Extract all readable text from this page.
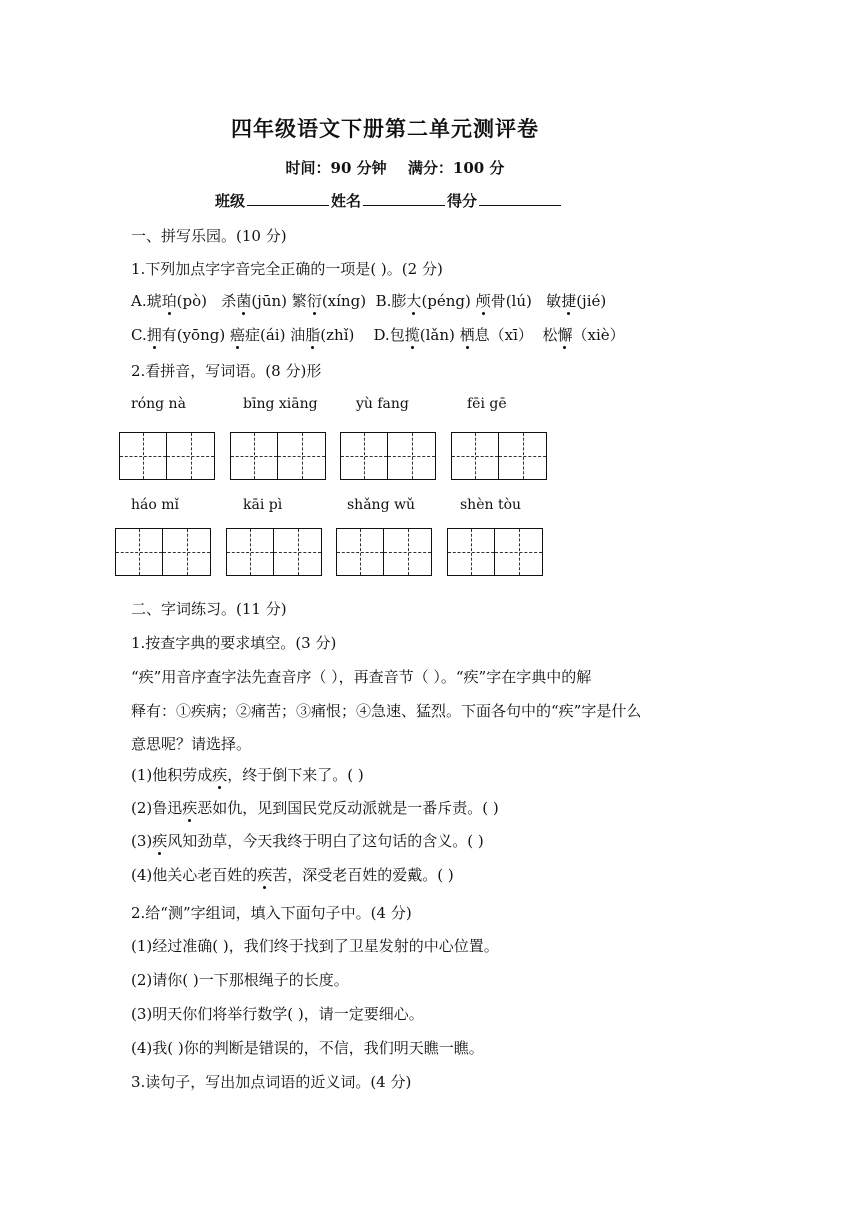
四年级语文下册第二单元测评卷
时间：90 分钟 满分：100 分
班级	姓名	得分
一、拼写乐园。(10 分)
1.下列加点字字音完全正确的一项是( )。(2 分)
A.琥珀(pò) 杀菌(jūn) 繁衍(xíng) B.膨大(péng) 颅骨(lú) 敏捷(jié)
C.拥有(yōng) 癌症(ái) 油脂(zhǐ) D.包揽(lǎn) 栖息（xī） 松懈（xiè）
2.看拼音，写词语。(8 分)形
róng nà	bīng xiāng	yù fang	fēi gē
háo mǐ	kāi pì	shǎng wǔ	shèn tòu
二、字词练习。(11 分)
1.按查字典的要求填空。(3 分)
“疾”用音序查字法先查音序（ ），再查音节（ ）。“疾”字在字典中的解
释有：①疾病；②痛苦；③痛恨；④急速、猛烈。下面各句中的“疾”字是什么
意思呢？请选择。
(1)他积劳成疾，终于倒下来了。( )
(2)鲁迅疾恶如仇，见到国民党反动派就是一番斥责。( )
(3)疾风知劲草，今天我终于明白了这句话的含义。( )
(4)他关心老百姓的疾苦，深受老百姓的爱戴。( )
2.给“测”字组词，填入下面句子中。(4 分)
(1)经过准确( )，我们终于找到了卫星发射的中心位置。
(2)请你( )一下那根绳子的长度。
(3)明天你们将举行数学( )，请一定要细心。
(4)我( )你的判断是错误的，不信，我们明天瞧一瞧。
3.读句子，写出加点词语的近义词。(4 分)
